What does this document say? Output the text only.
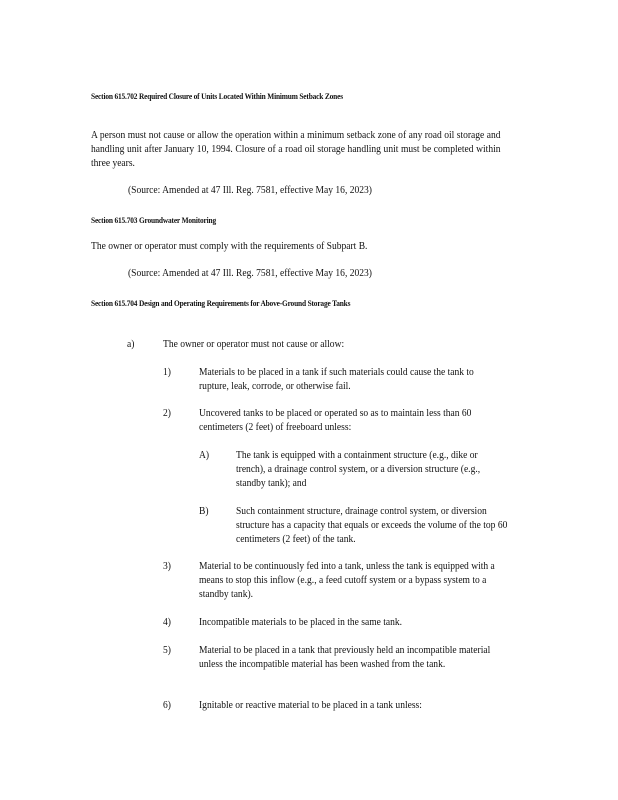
Section 615.702 Required Closure of Units Located Within Minimum Setback Zones
A person must not cause or allow the operation within a minimum setback zone of any road oil storage and handling unit after January 10, 1994. Closure of a road oil storage handling unit must be completed within three years.
(Source: Amended at 47 Ill. Reg. 7581, effective May 16, 2023)
Section 615.703 Groundwater Monitoring
The owner or operator must comply with the requirements of Subpart B.
(Source: Amended at 47 Ill. Reg. 7581, effective May 16, 2023)
Section 615.704 Design and Operating Requirements for Above-Ground Storage Tanks
a)	The owner or operator must not cause or allow:
1)	Materials to be placed in a tank if such materials could cause the tank to rupture, leak, corrode, or otherwise fail.
2)	Uncovered tanks to be placed or operated so as to maintain less than 60 centimeters (2 feet) of freeboard unless:
A)	The tank is equipped with a containment structure (e.g., dike or trench), a drainage control system, or a diversion structure (e.g., standby tank); and
B)	Such containment structure, drainage control system, or diversion structure has a capacity that equals or exceeds the volume of the top 60 centimeters (2 feet) of the tank.
3)	Material to be continuously fed into a tank, unless the tank is equipped with a means to stop this inflow (e.g., a feed cutoff system or a bypass system to a standby tank).
4)	Incompatible materials to be placed in the same tank.
5)	Material to be placed in a tank that previously held an incompatible material unless the incompatible material has been washed from the tank.
6)	Ignitable or reactive material to be placed in a tank unless:
